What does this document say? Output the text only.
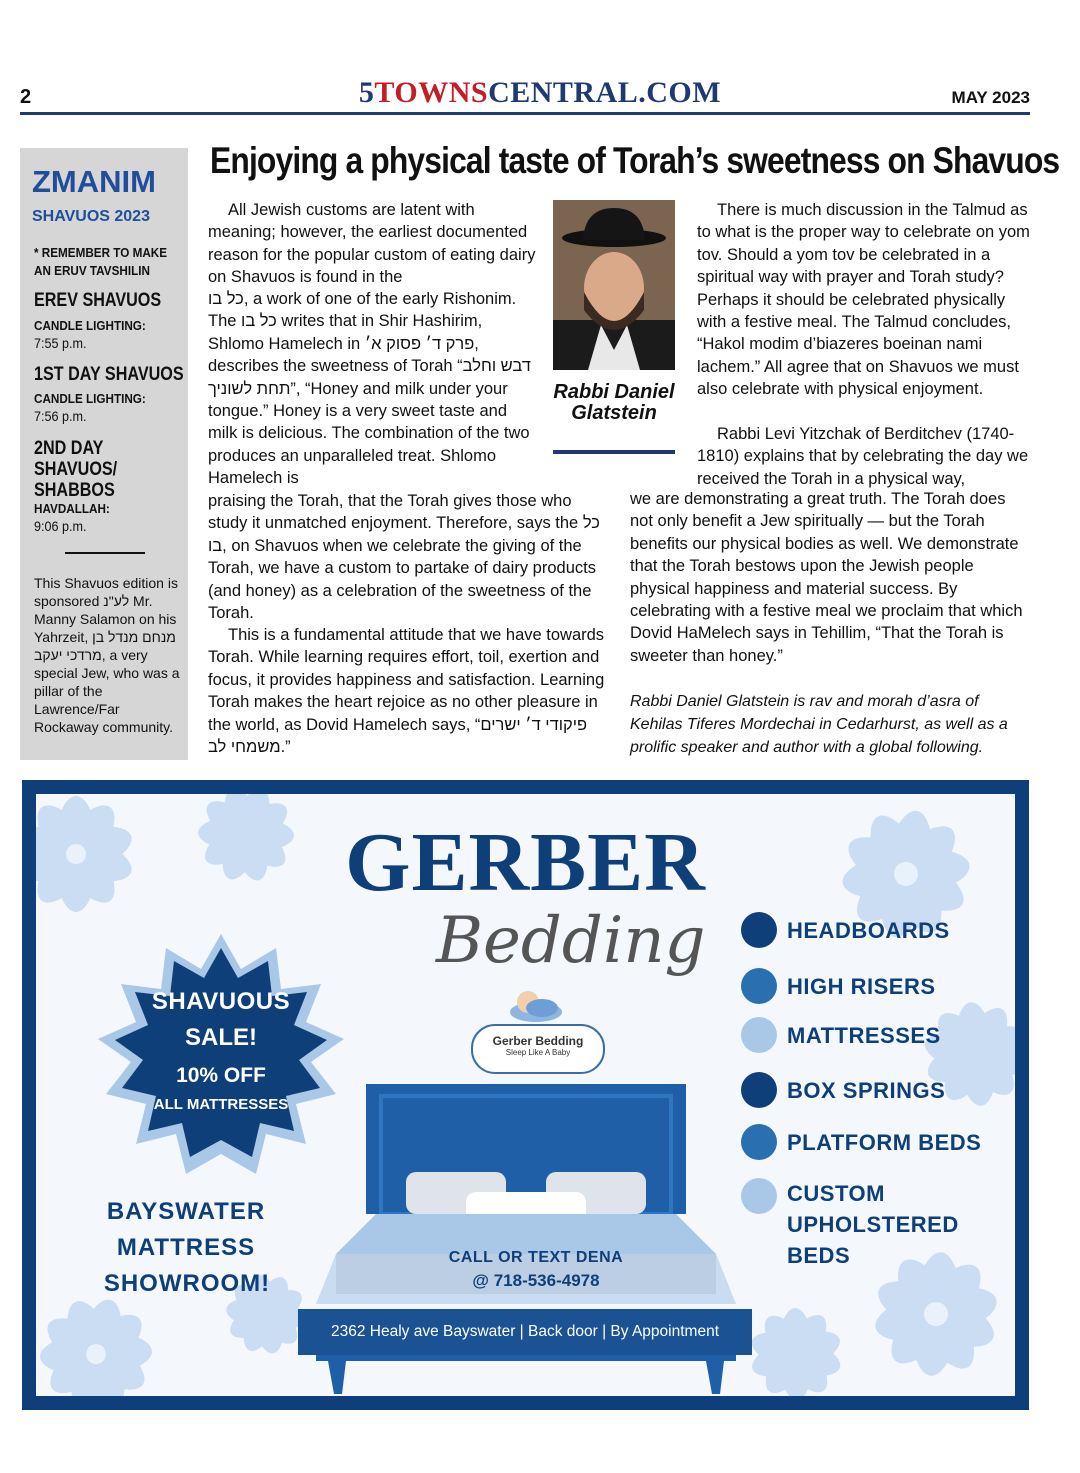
2	5TOWNSCENTRAL.COM	MAY 2023
ZMANIM
SHAVUOS 2023
* REMEMBER TO MAKE AN ERUV TAVSHILIN
EREV SHAVUOS
CANDLE LIGHTING:
7:55 p.m.
1ST DAY SHAVUOS
CANDLE LIGHTING:
7:56 p.m.
2ND DAY SHAVUOS/ SHABBOS
HAVDALLAH:
9:06 p.m.
This Shavuos edition is sponsored לע"נ Mr. Manny Salamon on his Yahrzeit, מנחם מנדל בן מרדכי יעקב, a very special Jew, who was a pillar of the Lawrence/Far Rockaway community.
Enjoying a physical taste of Torah’s sweetness on Shavuos

All Jewish customs are latent with meaning; however, the earliest documented reason for the popular custom of eating dairy on Shavuos is found in the

כל בו, a work of one of the early Rishonim. The כל בו writes that in Shir Hashirim, Shlomo Hamelech in פרק ד׳ פסוק א׳, describes the sweetness of Torah “דבש וחלב תחת לשוניך”, “Honey and milk under your tongue.” Honey is a very sweet taste and milk is delicious. The combination of the two produces an unparalleled treat. Shlomo Hamelech is

praising the Torah, that the Torah gives those who study it unmatched enjoyment. Therefore, says the כל בו, on Shavuos when we celebrate the giving of the Torah, we have a custom to partake of dairy products (and honey) as a celebration of the sweetness of the Torah.

This is a fundamental attitude that we have towards Torah. While learning requires effort, toil, exertion and focus, it provides happiness and satisfaction. Learning Torah makes the heart rejoice as no other pleasure in the world, as Dovid Hamelech says, “פיקודי ד׳ ישרים משמחי לב.”

Rabbi Daniel Glatstein

There is much discussion in the Talmud as to what is the proper way to celebrate on yom tov. Should a yom tov be celebrated in a spiritual way with prayer and Torah study? Perhaps it should be celebrated physically with a festive meal. The Talmud concludes, “Hakol modim d’biazeres boeinan nami lachem.” All agree that on Shavuos we must also celebrate with physical enjoyment.

Rabbi Levi Yitzchak of Berditchev (1740-1810) explains that by celebrating the day we received the Torah in a physical way,

we are demonstrating a great truth. The Torah does not only benefit a Jew spiritually — but the Torah benefits our physical bodies as well. We demonstrate that the Torah bestows upon the Jewish people physical happiness and material success. By celebrating with a festive meal we proclaim that which Dovid HaMelech says in Tehillim, “That the Torah is sweeter than honey.”

Rabbi Daniel Glatstein is rav and morah d’asra of Kehilas Tiferes Mordechai in Cedarhurst, as well as a prolific speaker and author with a global following.
GERBER
Bedding
Gerber Bedding
Sleep Like A Baby
SHAVUOUS
SALE!
10% OFF
ALL MATTRESSES
BAYSWATER
MATTRESS
SHOWROOM!
HEADBOARDS
HIGH RISERS
MATTRESSES
BOX SPRINGS
PLATFORM BEDS
CUSTOM UPHOLSTERED BEDS
CALL OR TEXT DENA
@ 718-536-4978
2362 Healy ave Bayswater | Back door | By Appointment
